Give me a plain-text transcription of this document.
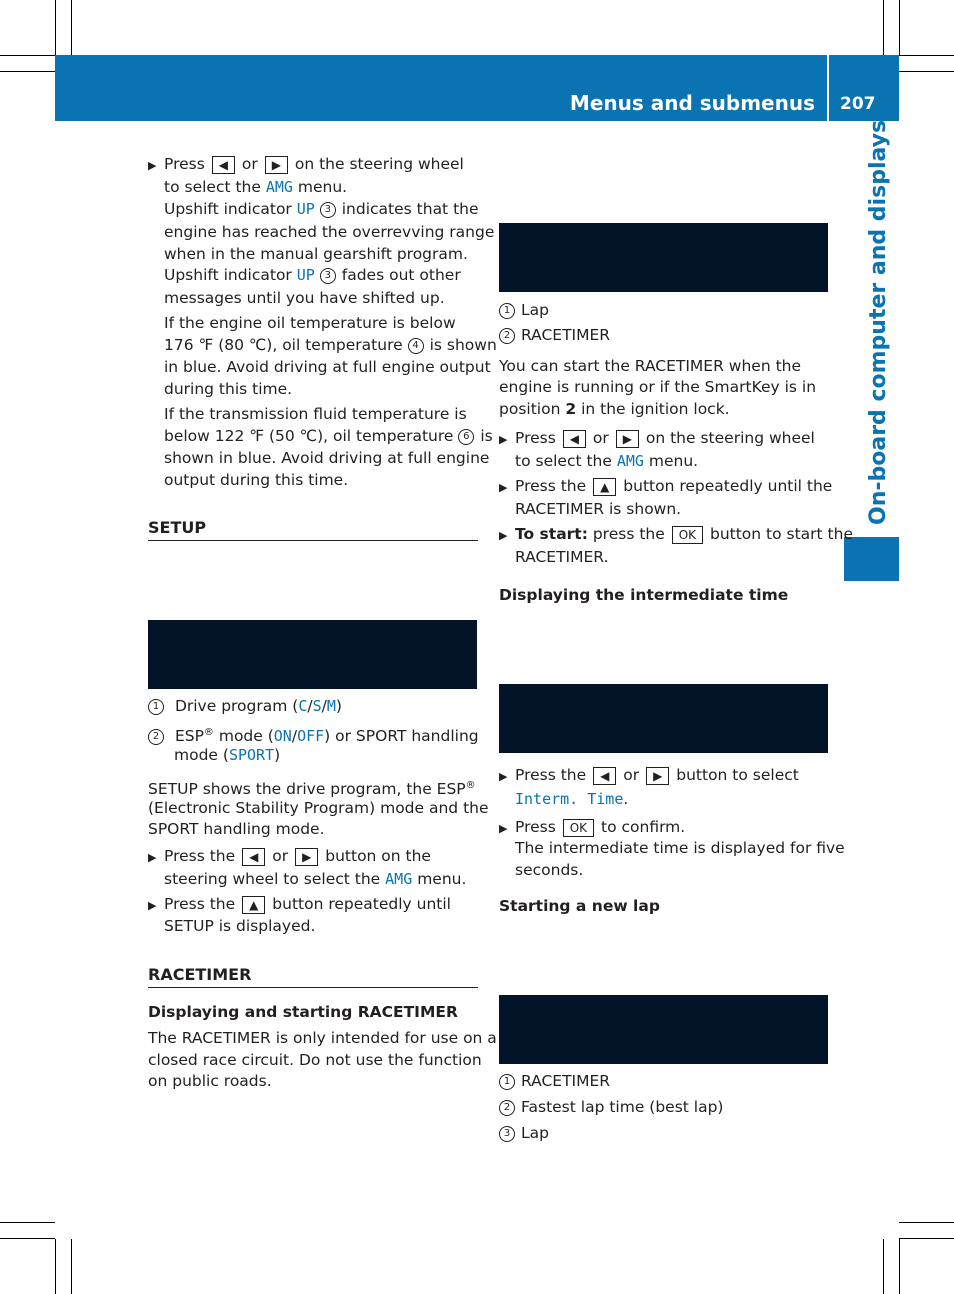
Menus and submenus 207
On-board computer and displays
▶ Press ◀ or ▶ on the steering wheel
to select the AMG menu.
Upshift indicator UP 3 indicates that the
engine has reached the overrevving range
when in the manual gearshift program.
Upshift indicator UP 3 fades out other
messages until you have shifted up.
If the engine oil temperature is below
176 ℉ (80 ℃), oil temperature 4 is shown
in blue. Avoid driving at full engine output
during this time.
If the transmission fluid temperature is
below 122 ℉ (50 ℃), oil temperature 6 is
shown in blue. Avoid driving at full engine
output during this time.
SETUP
1 Drive program (C/S/M)
2 ESP® mode (ON/OFF) or SPORT handling
mode (SPORT)
SETUP shows the drive program, the ESP®
(Electronic Stability Program) mode and the
SPORT handling mode.
▶ Press the ◀ or ▶ button on the
steering wheel to select the AMG menu.
▶ Press the ▲ button repeatedly until
SETUP is displayed.
RACETIMER
Displaying and starting RACETIMER
The RACETIMER is only intended for use on a
closed race circuit. Do not use the function
on public roads.
1 Lap
2 RACETIMER
You can start the RACETIMER when the
engine is running or if the SmartKey is in
position 2 in the ignition lock.
▶ Press ◀ or ▶ on the steering wheel
to select the AMG menu.
▶ Press the ▲ button repeatedly until the
RACETIMER is shown.
▶ To start: press the OK button to start the
RACETIMER.
Displaying the intermediate time
▶ Press the ◀ or ▶ button to select
Interm. Time.
▶ Press OK to confirm.
The intermediate time is displayed for five
seconds.
Starting a new lap
1 RACETIMER
2 Fastest lap time (best lap)
3 Lap
